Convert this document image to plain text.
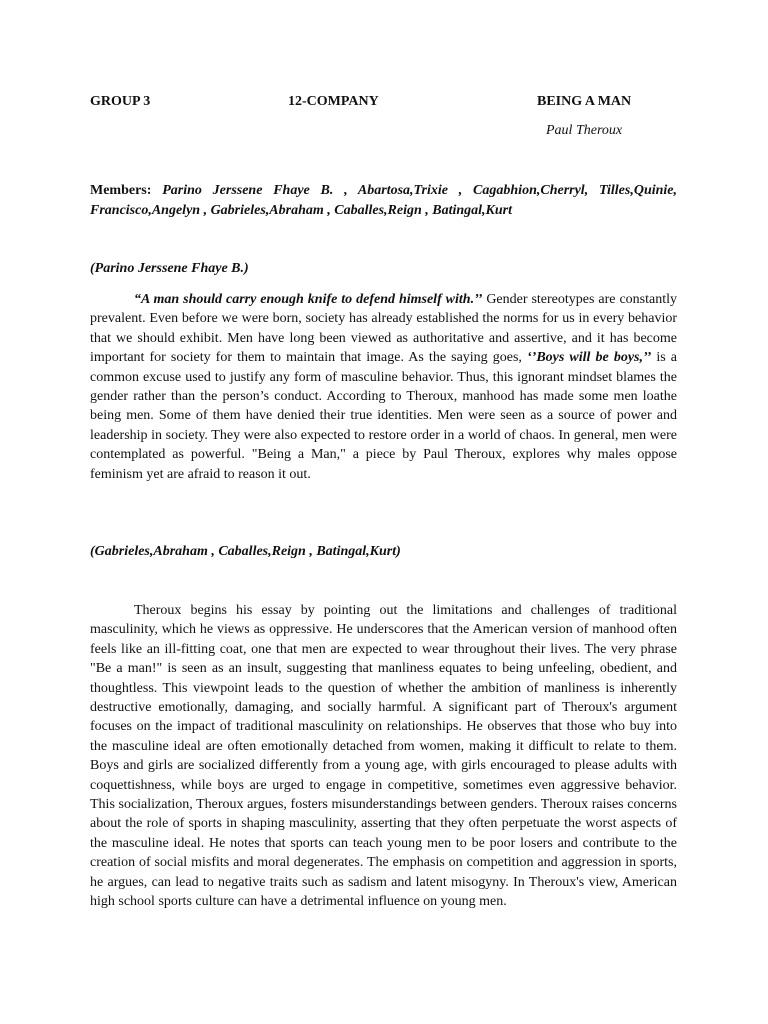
GROUP 3	12-COMPANY	BEING A MAN
Paul Theroux
Members: Parino Jerssene Fhaye B. , Abartosa,Trixie , Cagabhion,Cherryl, Tilles,Quinie, Francisco,Angelyn , Gabrieles,Abraham , Caballes,Reign , Batingal,Kurt
(Parino Jerssene Fhaye B.)

“A man should carry enough knife to defend himself with.’’ Gender stereotypes are constantly prevalent. Even before we were born, society has already established the norms for us in every behavior that we should exhibit. Men have long been viewed as authoritative and assertive, and it has become important for society for them to maintain that image. As the saying goes, ‘’Boys will be boys,’’ is a common excuse used to justify any form of masculine behavior. Thus, this ignorant mindset blames the gender rather than the person’s conduct. According to Theroux, manhood has made some men loathe being men. Some of them have denied their true identities. Men were seen as a source of power and leadership in society. They were also expected to restore order in a world of chaos. In general, men were contemplated as powerful. "Being a Man," a piece by Paul Theroux, explores why males oppose feminism yet are afraid to reason it out.

(Gabrieles,Abraham , Caballes,Reign , Batingal,Kurt)

Theroux begins his essay by pointing out the limitations and challenges of traditional masculinity, which he views as oppressive. He underscores that the American version of manhood often feels like an ill-fitting coat, one that men are expected to wear throughout their lives. The very phrase "Be a man!" is seen as an insult, suggesting that manliness equates to being unfeeling, obedient, and thoughtless. This viewpoint leads to the question of whether the ambition of manliness is inherently destructive emotionally, damaging, and socially harmful. A significant part of Theroux's argument focuses on the impact of traditional masculinity on relationships. He observes that those who buy into the masculine ideal are often emotionally detached from women, making it difficult to relate to them. Boys and girls are socialized differently from a young age, with girls encouraged to please adults with coquettishness, while boys are urged to engage in competitive, sometimes even aggressive behavior. This socialization, Theroux argues, fosters misunderstandings between genders. Theroux raises concerns about the role of sports in shaping masculinity, asserting that they often perpetuate the worst aspects of the masculine ideal. He notes that sports can teach young men to be poor losers and contribute to the creation of social misfits and moral degenerates. The emphasis on competition and aggression in sports, he argues, can lead to negative traits such as sadism and latent misogyny. In Theroux's view, American high school sports culture can have a detrimental influence on young men.
